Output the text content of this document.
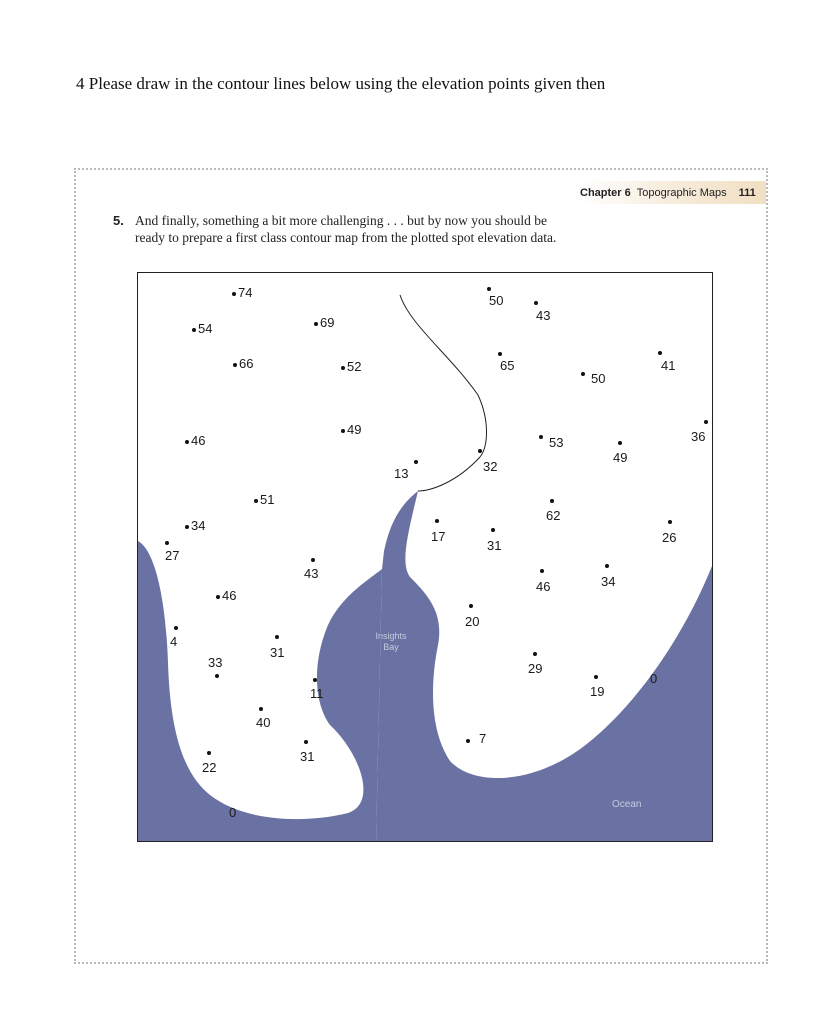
4 Please draw in the contour lines below using the elevation points given then
Chapter 6 Topographic Maps 111
5. And finally, something a bit more challenging . . . but by now you should be
ready to prepare a first class contour map from the plotted spot elevation data.
Insights
Bay
Ocean
74
54	69
66	52
46
49
51
34
27
46
4
33
43
31
22
40
11
31
0
13
50
43
65	41
50
36
53
49
32
62
17
31
26
46	34
20
29
19
0
7
